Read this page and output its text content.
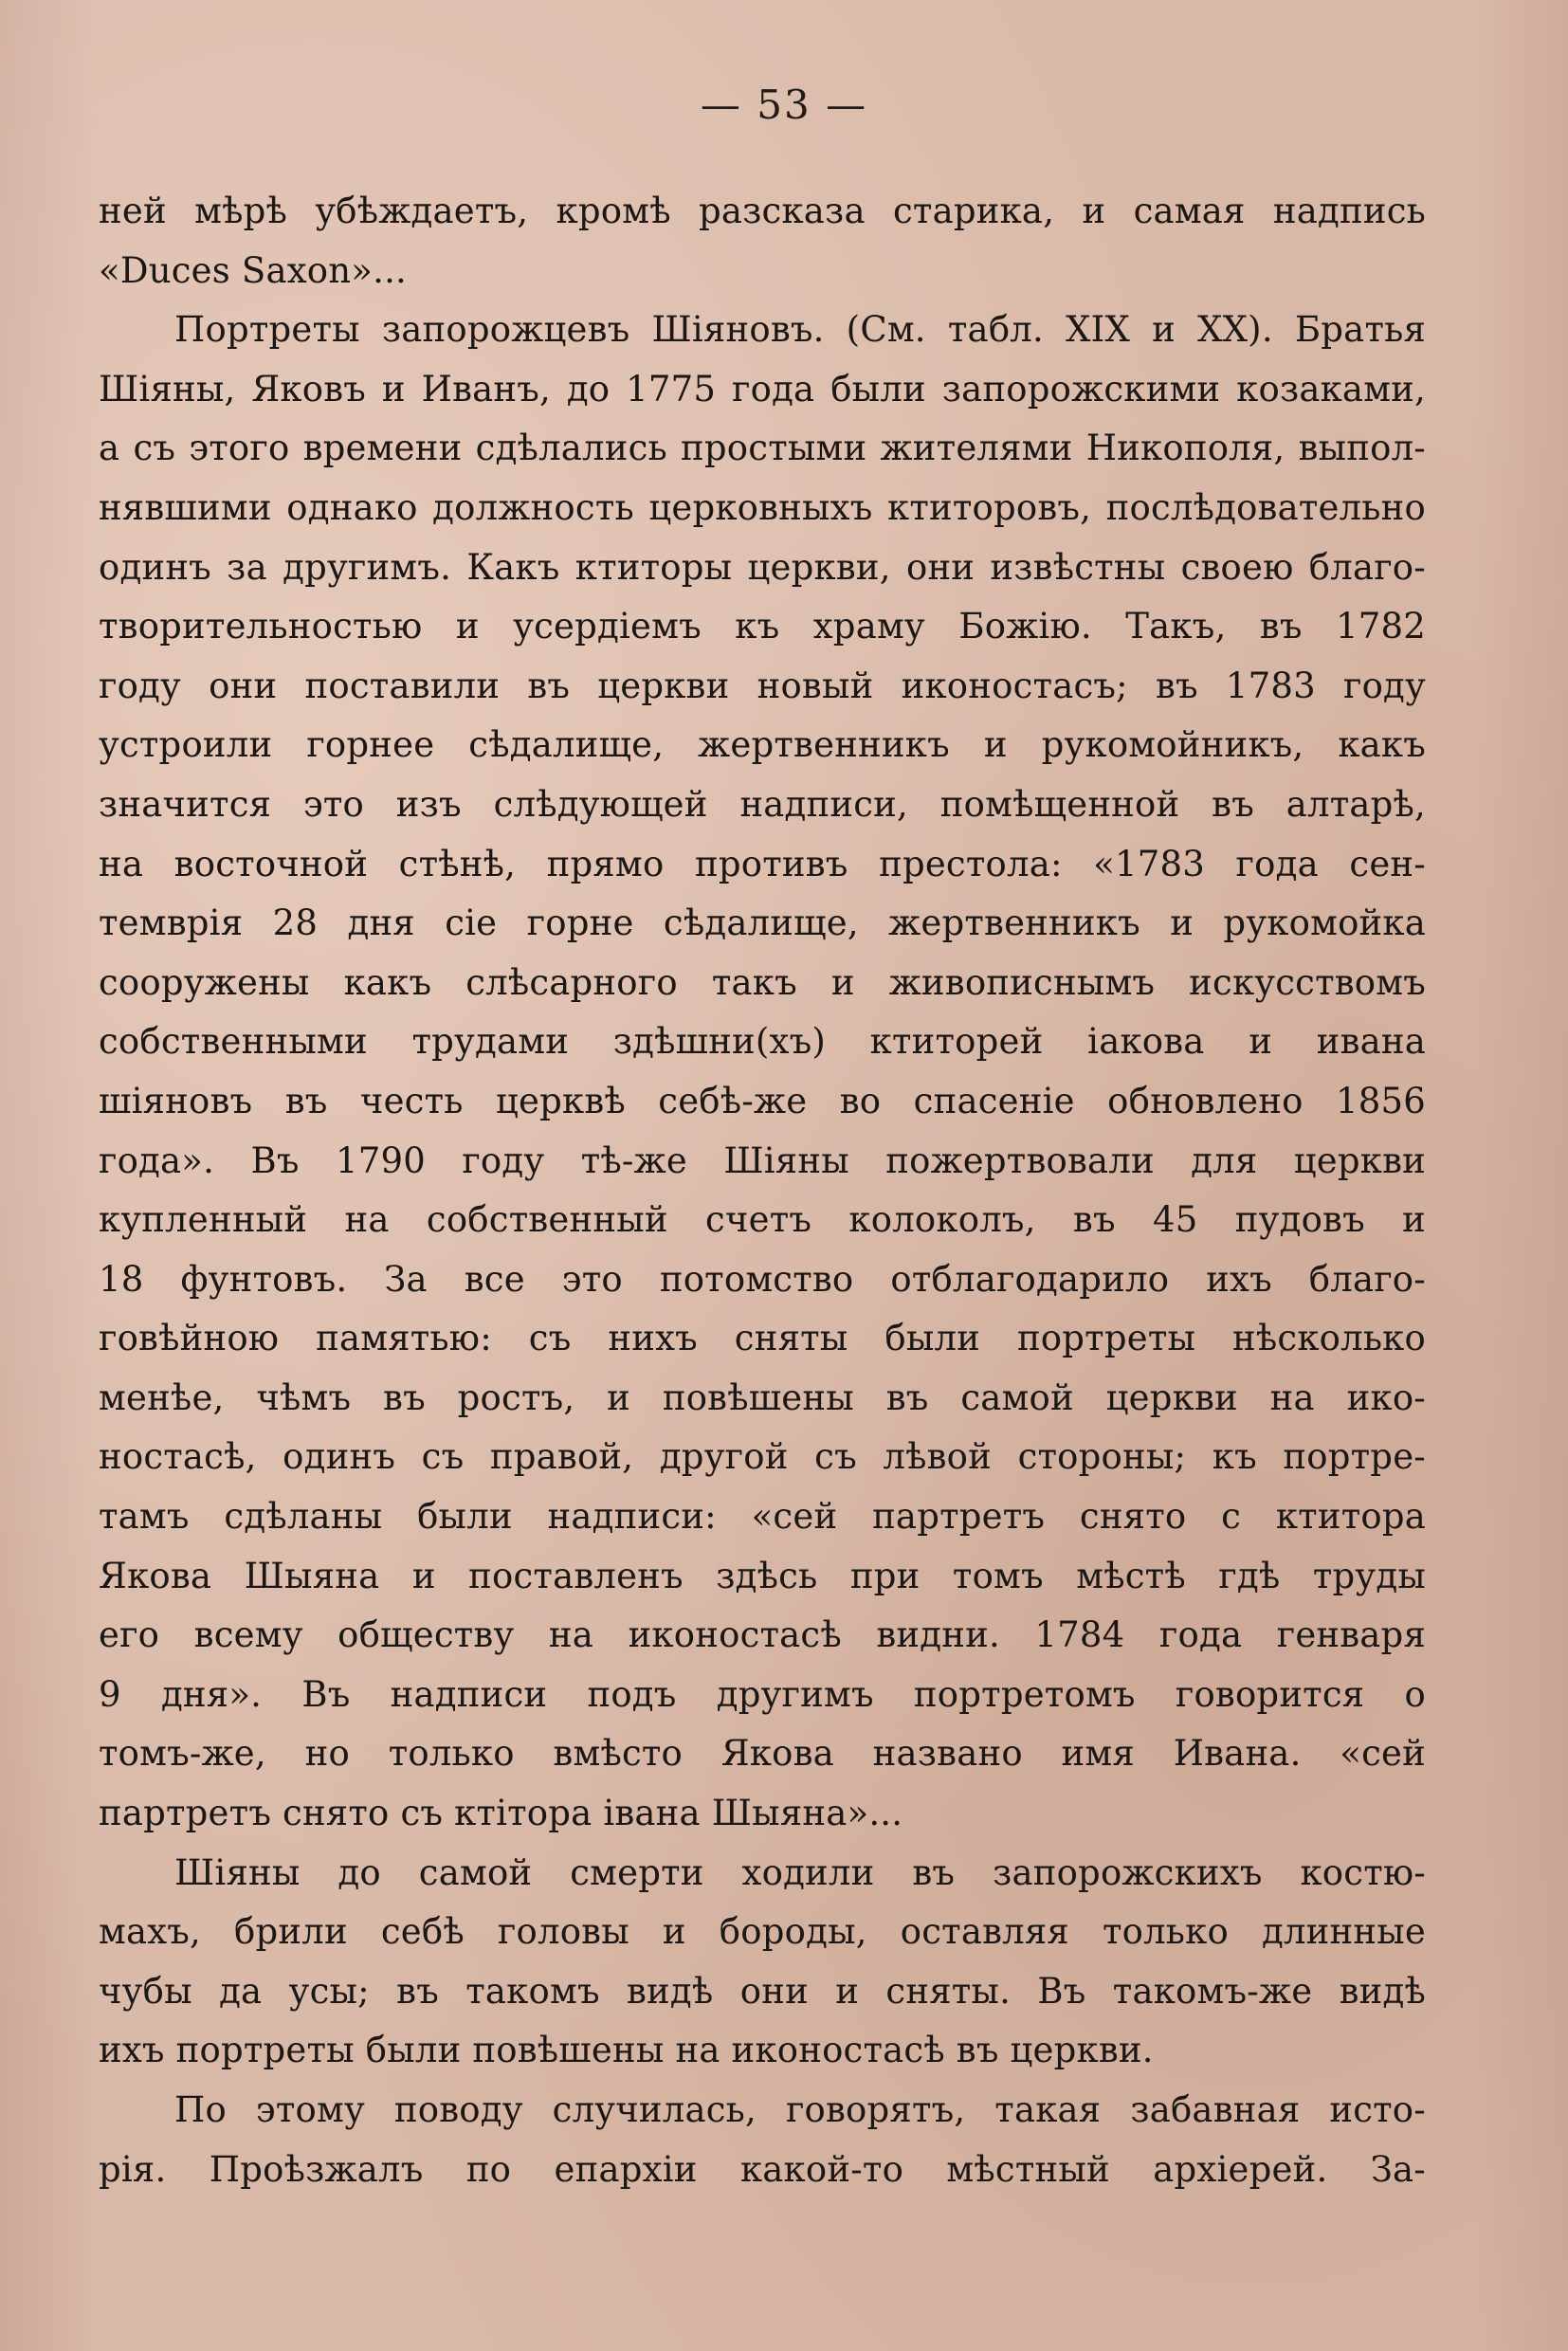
— 53 —
ней мѣрѣ убѣждаетъ, кромѣ разсказа старика, и самая надпись
«Duces Saxon»...
Портреты запорожцевъ Шiяновъ. (См. табл. XIX и XX). Братья
Шiяны, Яковъ и Иванъ, до 1775 года были запорожскими козаками,
а съ этого времени сдѣлались простыми жителями Никополя, выпол-
нявшими однако должность церковныхъ ктиторовъ, послѣдовательно
одинъ за другимъ. Какъ ктиторы церкви, они извѣстны своею благо-
творительностью и усердiемъ къ храму Божiю. Такъ, въ 1782
году они поставили въ церкви новый иконостасъ; въ 1783 году
устроили горнее сѣдалище, жертвенникъ и рукомойникъ, какъ
значится это изъ слѣдующей надписи, помѣщенной въ алтарѣ,
на восточной стѣнѣ, прямо противъ престола: «1783 года сен-
темврiя 28 дня сiе горне сѣдалище, жертвенникъ и рукомойка
сооружены какъ слѣсарного такъ и живописнымъ искусствомъ
собственными трудами здѣшни(хъ) ктиторей iакова и ивана
шiяновъ въ честь церквѣ себѣ-же во спасенiе обновлено 1856
года». Въ 1790 году тѣ-же Шiяны пожертвовали для церкви
купленный на собственный счетъ колоколъ, въ 45 пудовъ и
18 фунтовъ. За все это потомство отблагодарило ихъ благо-
говѣйною памятью: съ нихъ сняты были портреты нѣсколько
менѣе, чѣмъ въ ростъ, и повѣшены въ самой церкви на ико-
ностасѣ, одинъ съ правой, другой съ лѣвой стороны; къ портре-
тамъ сдѣланы были надписи: «сей партретъ снято с ктитора
Якова Шыяна и поставленъ здѣсь при томъ мѣстѣ гдѣ труды
его всему обществу на иконостасѣ видни. 1784 года генваря
9 дня». Въ надписи подъ другимъ портретомъ говорится о
томъ-же, но только вмѣсто Якова названо имя Ивана. «сей
партретъ снято съ ктiтора iвана Шыяна»...
Шiяны до самой смерти ходили въ запорожскихъ костю-
махъ, брили себѣ головы и бороды, оставляя только длинные
чубы да усы; въ такомъ видѣ они и сняты. Въ такомъ-же видѣ
ихъ портреты были повѣшены на иконостасѣ въ церкви.
По этому поводу случилась, говорятъ, такая забавная исто-
рiя. Проѣзжалъ по епархiи какой-то мѣстный архiерей. За-
